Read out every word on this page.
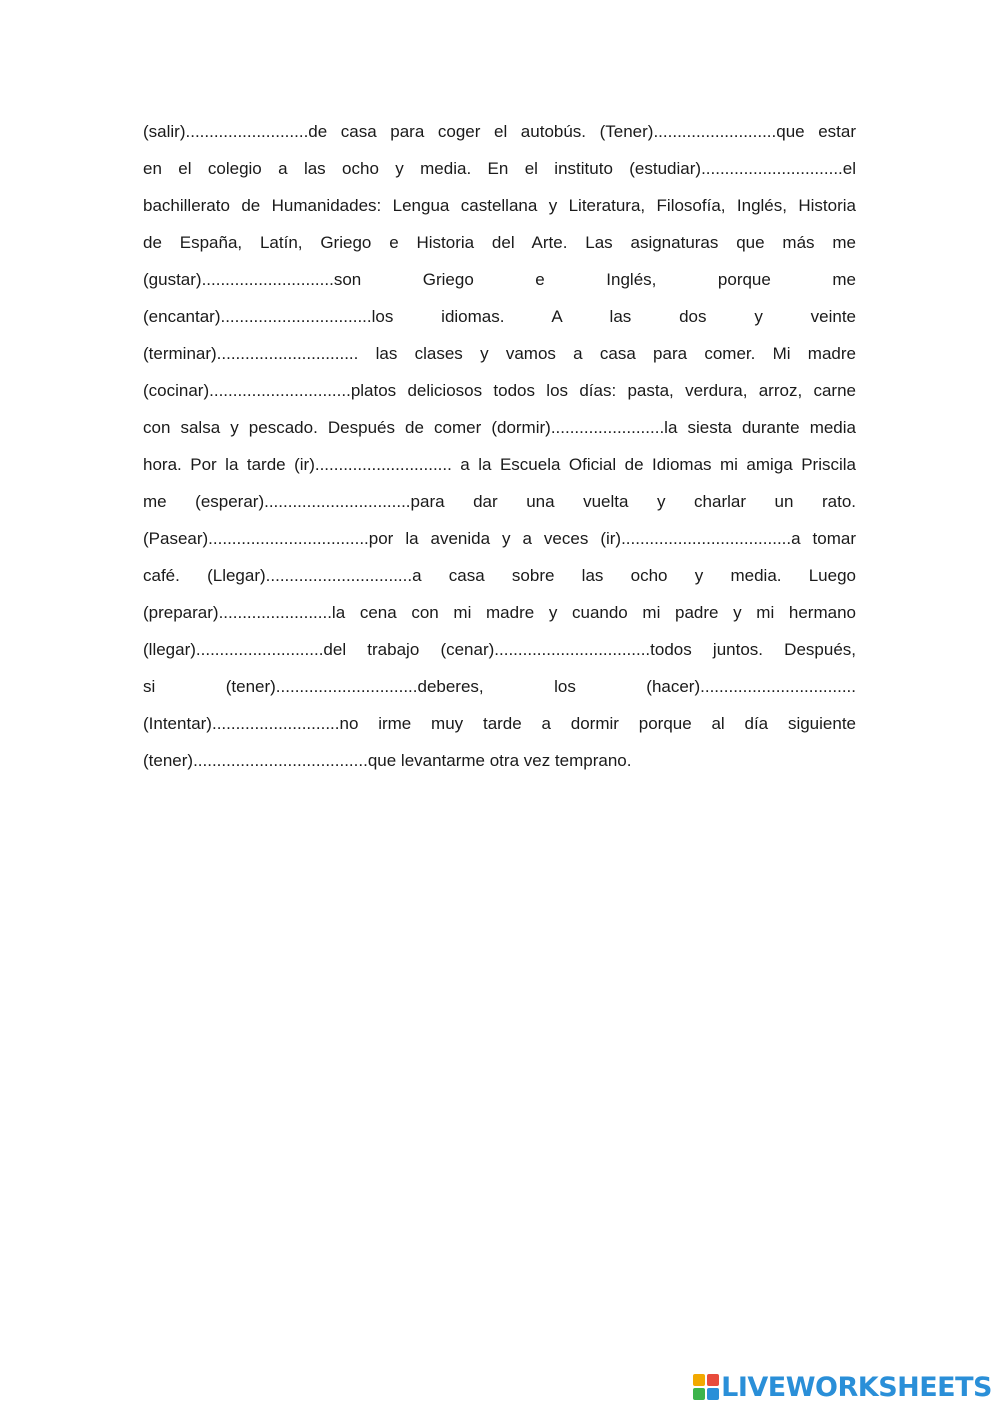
(salir)..........................de casa para coger el autobús. (Tener)..........................que estar
en el colegio a las ocho y media. En el instituto (estudiar)..............................el
bachillerato de Humanidades: Lengua castellana y Literatura, Filosofía, Inglés, Historia
de España, Latín, Griego e Historia del Arte. Las asignaturas que más me
(gustar)............................son Griego e Inglés, porque me
(encantar)................................los idiomas. A las dos y veinte
(terminar).............................. las clases y vamos a casa para comer. Mi madre
(cocinar)..............................platos deliciosos todos los días: pasta, verdura, arroz, carne
con salsa y pescado. Después de comer (dormir)........................la siesta durante media
hora. Por la tarde (ir)............................. a la Escuela Oficial de Idiomas mi amiga Priscila
me (esperar)...............................para dar una vuelta y charlar un rato.
(Pasear)..................................por la avenida y a veces (ir)....................................a tomar
café. (Llegar)...............................a casa sobre las ocho y media. Luego
(preparar)........................la cena con mi madre y cuando mi padre y mi hermano
(llegar)...........................del trabajo (cenar).................................todos juntos. Después,
si (tener)..............................deberes, los (hacer).................................
(Intentar)...........................no irme muy tarde a dormir porque al día siguiente
(tener).....................................que levantarme otra vez temprano.
LIVEWORKSHEETS
